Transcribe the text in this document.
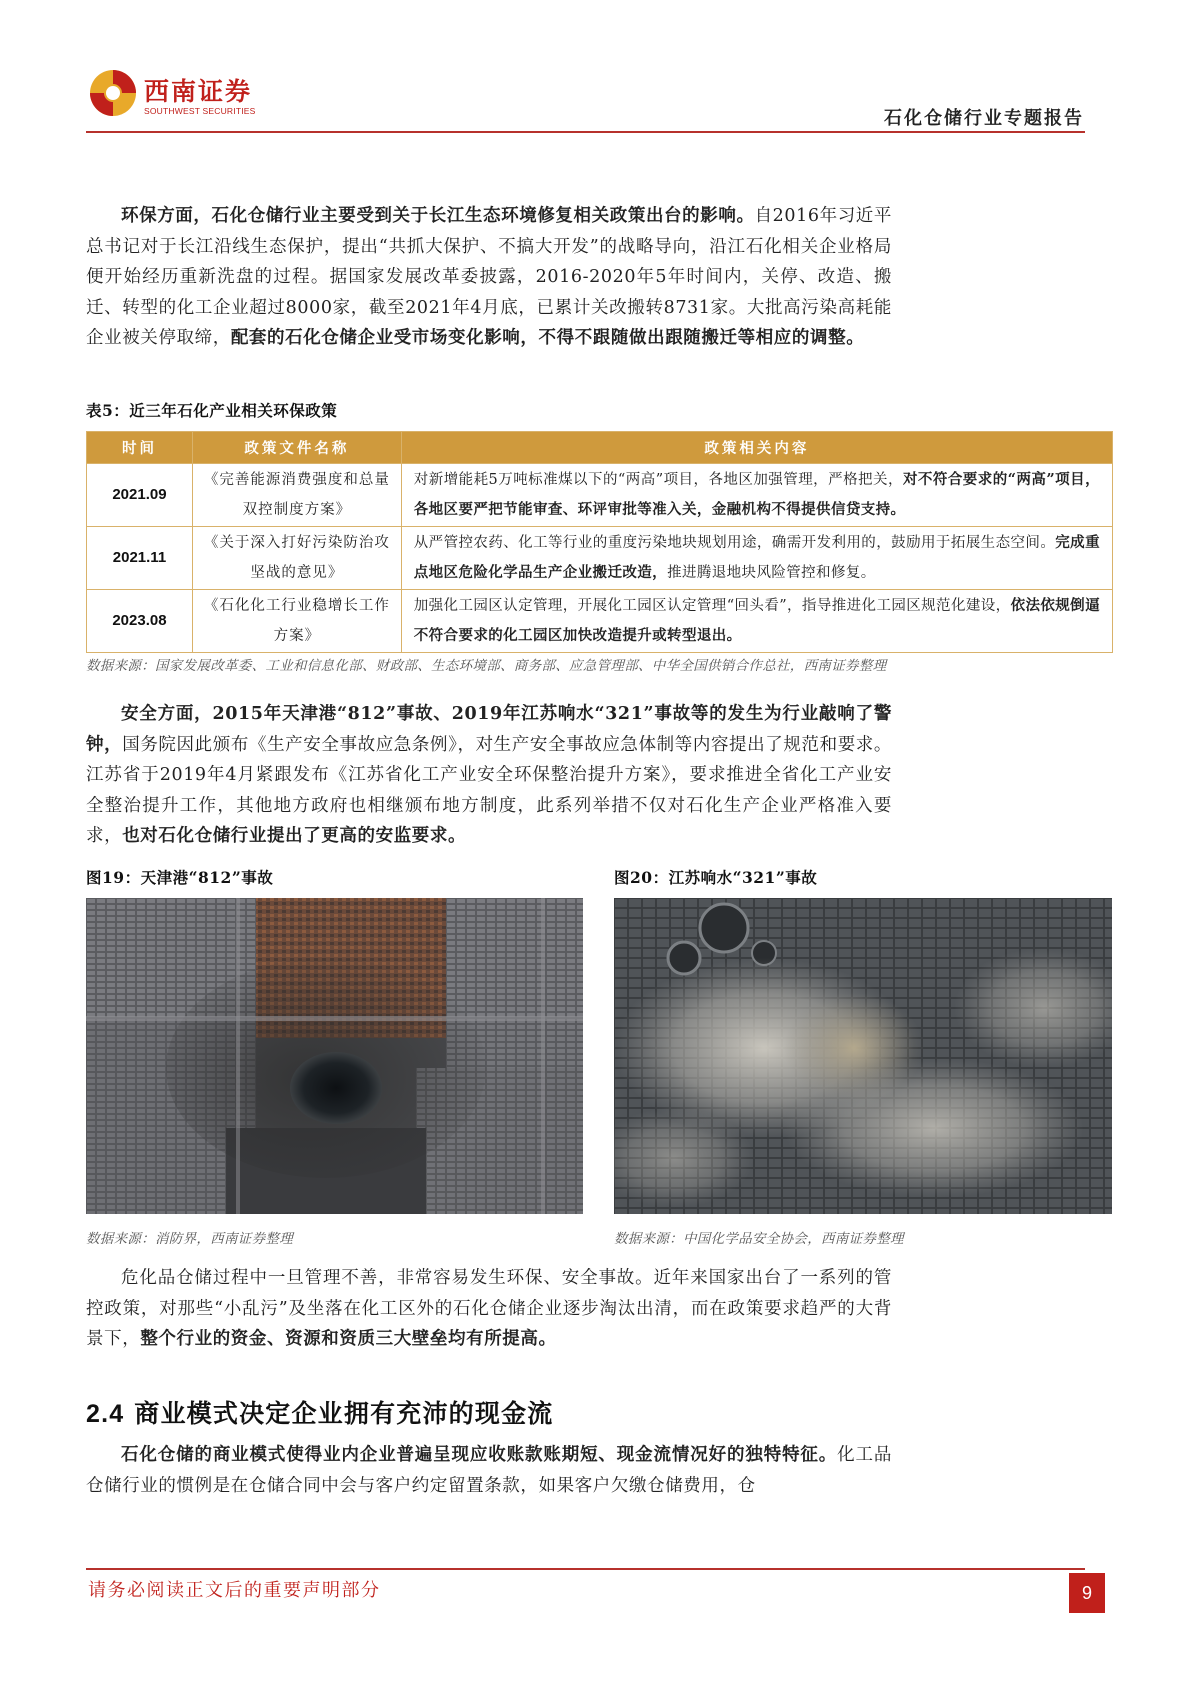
西南证券
SOUTHWEST SECURITIES	石化仓储行业专题报告
环保方面，石化仓储行业主要受到关于长江生态环境修复相关政策出台的影响。自2016年习近平总书记对于长江沿线生态保护，提出“共抓大保护、不搞大开发”的战略导向，沿江石化相关企业格局便开始经历重新洗盘的过程。据国家发展改革委披露，2016-2020年5年时间内，关停、改造、搬迁、转型的化工企业超过8000家，截至2021年4月底，已累计关改搬转8731家。大批高污染高耗能企业被关停取缔，配套的石化仓储企业受市场变化影响，不得不跟随做出跟随搬迁等相应的调整。
表5：近三年石化产业相关环保政策
时间	政策文件名称	政策相关内容
2021.09	《完善能源消费强度和总量双控制度方案》	对新增能耗5万吨标准煤以下的“两高”项目，各地区加强管理，严格把关，对不符合要求的“两高”项目，各地区要严把节能审查、环评审批等准入关，金融机构不得提供信贷支持。
2021.11	《关于深入打好污染防治攻坚战的意见》	从严管控农药、化工等行业的重度污染地块规划用途，确需开发利用的，鼓励用于拓展生态空间。完成重点地区危险化学品生产企业搬迁改造，推进腾退地块风险管控和修复。
2023.08	《石化化工行业稳增长工作方案》	加强化工园区认定管理，开展化工园区认定管理“回头看”，指导推进化工园区规范化建设，依法依规倒逼不符合要求的化工园区加快改造提升或转型退出。
数据来源：国家发展改革委、工业和信息化部、财政部、生态环境部、商务部、应急管理部、中华全国供销合作总社，西南证券整理
安全方面，2015年天津港“812”事故、2019年江苏响水“321”事故等的发生为行业敲响了警钟，国务院因此颁布《生产安全事故应急条例》，对生产安全事故应急体制等内容提出了规范和要求。江苏省于2019年4月紧跟发布《江苏省化工产业安全环保整治提升方案》，要求推进全省化工产业安全整治提升工作，其他地方政府也相继颁布地方制度，此系列举措不仅对石化生产企业严格准入要求，也对石化仓储行业提出了更高的安监要求。
图19：天津港“812”事故	图20：江苏响水“321”事故
数据来源：消防界，西南证券整理	数据来源：中国化学品安全协会，西南证券整理
危化品仓储过程中一旦管理不善，非常容易发生环保、安全事故。近年来国家出台了一系列的管控政策，对那些“小乱污”及坐落在化工区外的石化仓储企业逐步淘汰出清，而在政策要求趋严的大背景下，整个行业的资金、资源和资质三大壁垒均有所提高。
2.4 商业模式决定企业拥有充沛的现金流
石化仓储的商业模式使得业内企业普遍呈现应收账款账期短、现金流情况好的独特特征。化工品仓储行业的惯例是在仓储合同中会与客户约定留置条款，如果客户欠缴仓储费用，仓
请务必阅读正文后的重要声明部分	9
